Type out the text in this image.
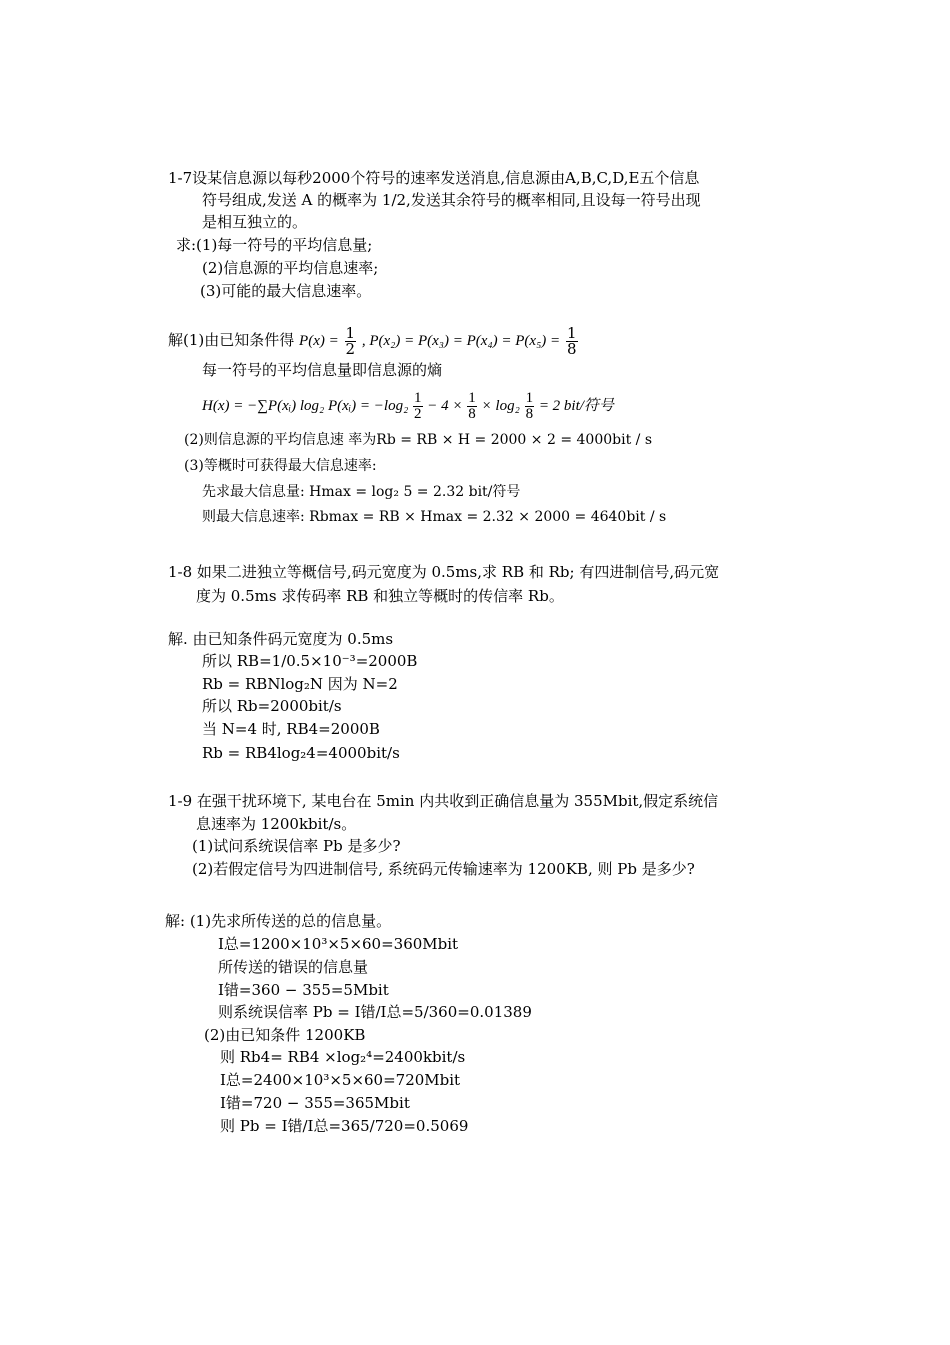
1-7设某信息源以每秒2000个符号的速率发送消息,信息源由A,B,C,D,E五个信息
符号组成,发送 A 的概率为 1/2,发送其余符号的概率相同,且设每一符号出现
是相互独立的。
求:(1)每一符号的平均信息量;
(2)信息源的平均信息速率;
(3)可能的最大信息速率。
解(1)由已知条件得 $P(x) = \frac{1}{2}$ , $P(x_2) = P(x_3) = P(x_4) = P(x_5) = \frac{1}{8}$
每一符号的平均信息量即信息源的熵
H(x) = −∑P(xᵢ) log₂ P(xᵢ) = $-\log_2 \frac{1}{2} - 4 \times \frac{1}{8} \times \log_2 \frac{1}{8} = 2$ bit/符号
(2)则信息源的平均信息速 率为Rb = RB × H = 2000 × 2 = 4000bit / s
(3)等概时可获得最大信息速率:
先求最大信息量: Hmax = log₂ 5 = 2.32 bit/符号
则最大信息速率: Rbmax = RB × Hmax = 2.32 × 2000 = 4640bit / s
1-8 如果二进独立等概信号,码元宽度为 0.5ms,求 RB 和 Rb; 有四进制信号,码元宽
度为 0.5ms 求传码率 RB 和独立等概时的传信率 Rb。
解. 由已知条件码元宽度为 0.5ms
所以 RB=1/0.5×10⁻³=2000B
Rb = RBNlog₂N 因为 N=2
所以 Rb=2000bit/s
当 N=4 时, RB4=2000B
Rb = RB4log₂4=4000bit/s
1-9 在强干扰环境下, 某电台在 5min 内共收到正确信息量为 355Mbit,假定系统信
息速率为 1200kbit/s。
(1)试问系统误信率 Pb 是多少?
(2)若假定信号为四进制信号, 系统码元传输速率为 1200KB, 则 Pb 是多少?
解: (1)先求所传送的总的信息量。
I总=1200×10³×5×60=360Mbit
所传送的错误的信息量
I错=360 − 355=5Mbit
则系统误信率 Pb = I错/I总=5/360=0.01389
(2)由已知条件 1200KB
则 Rb4= RB4 ×log₂⁴=2400kbit/s
I总=2400×10³×5×60=720Mbit
I错=720 − 355=365Mbit
则 Pb = I错/I总=365/720=0.5069
